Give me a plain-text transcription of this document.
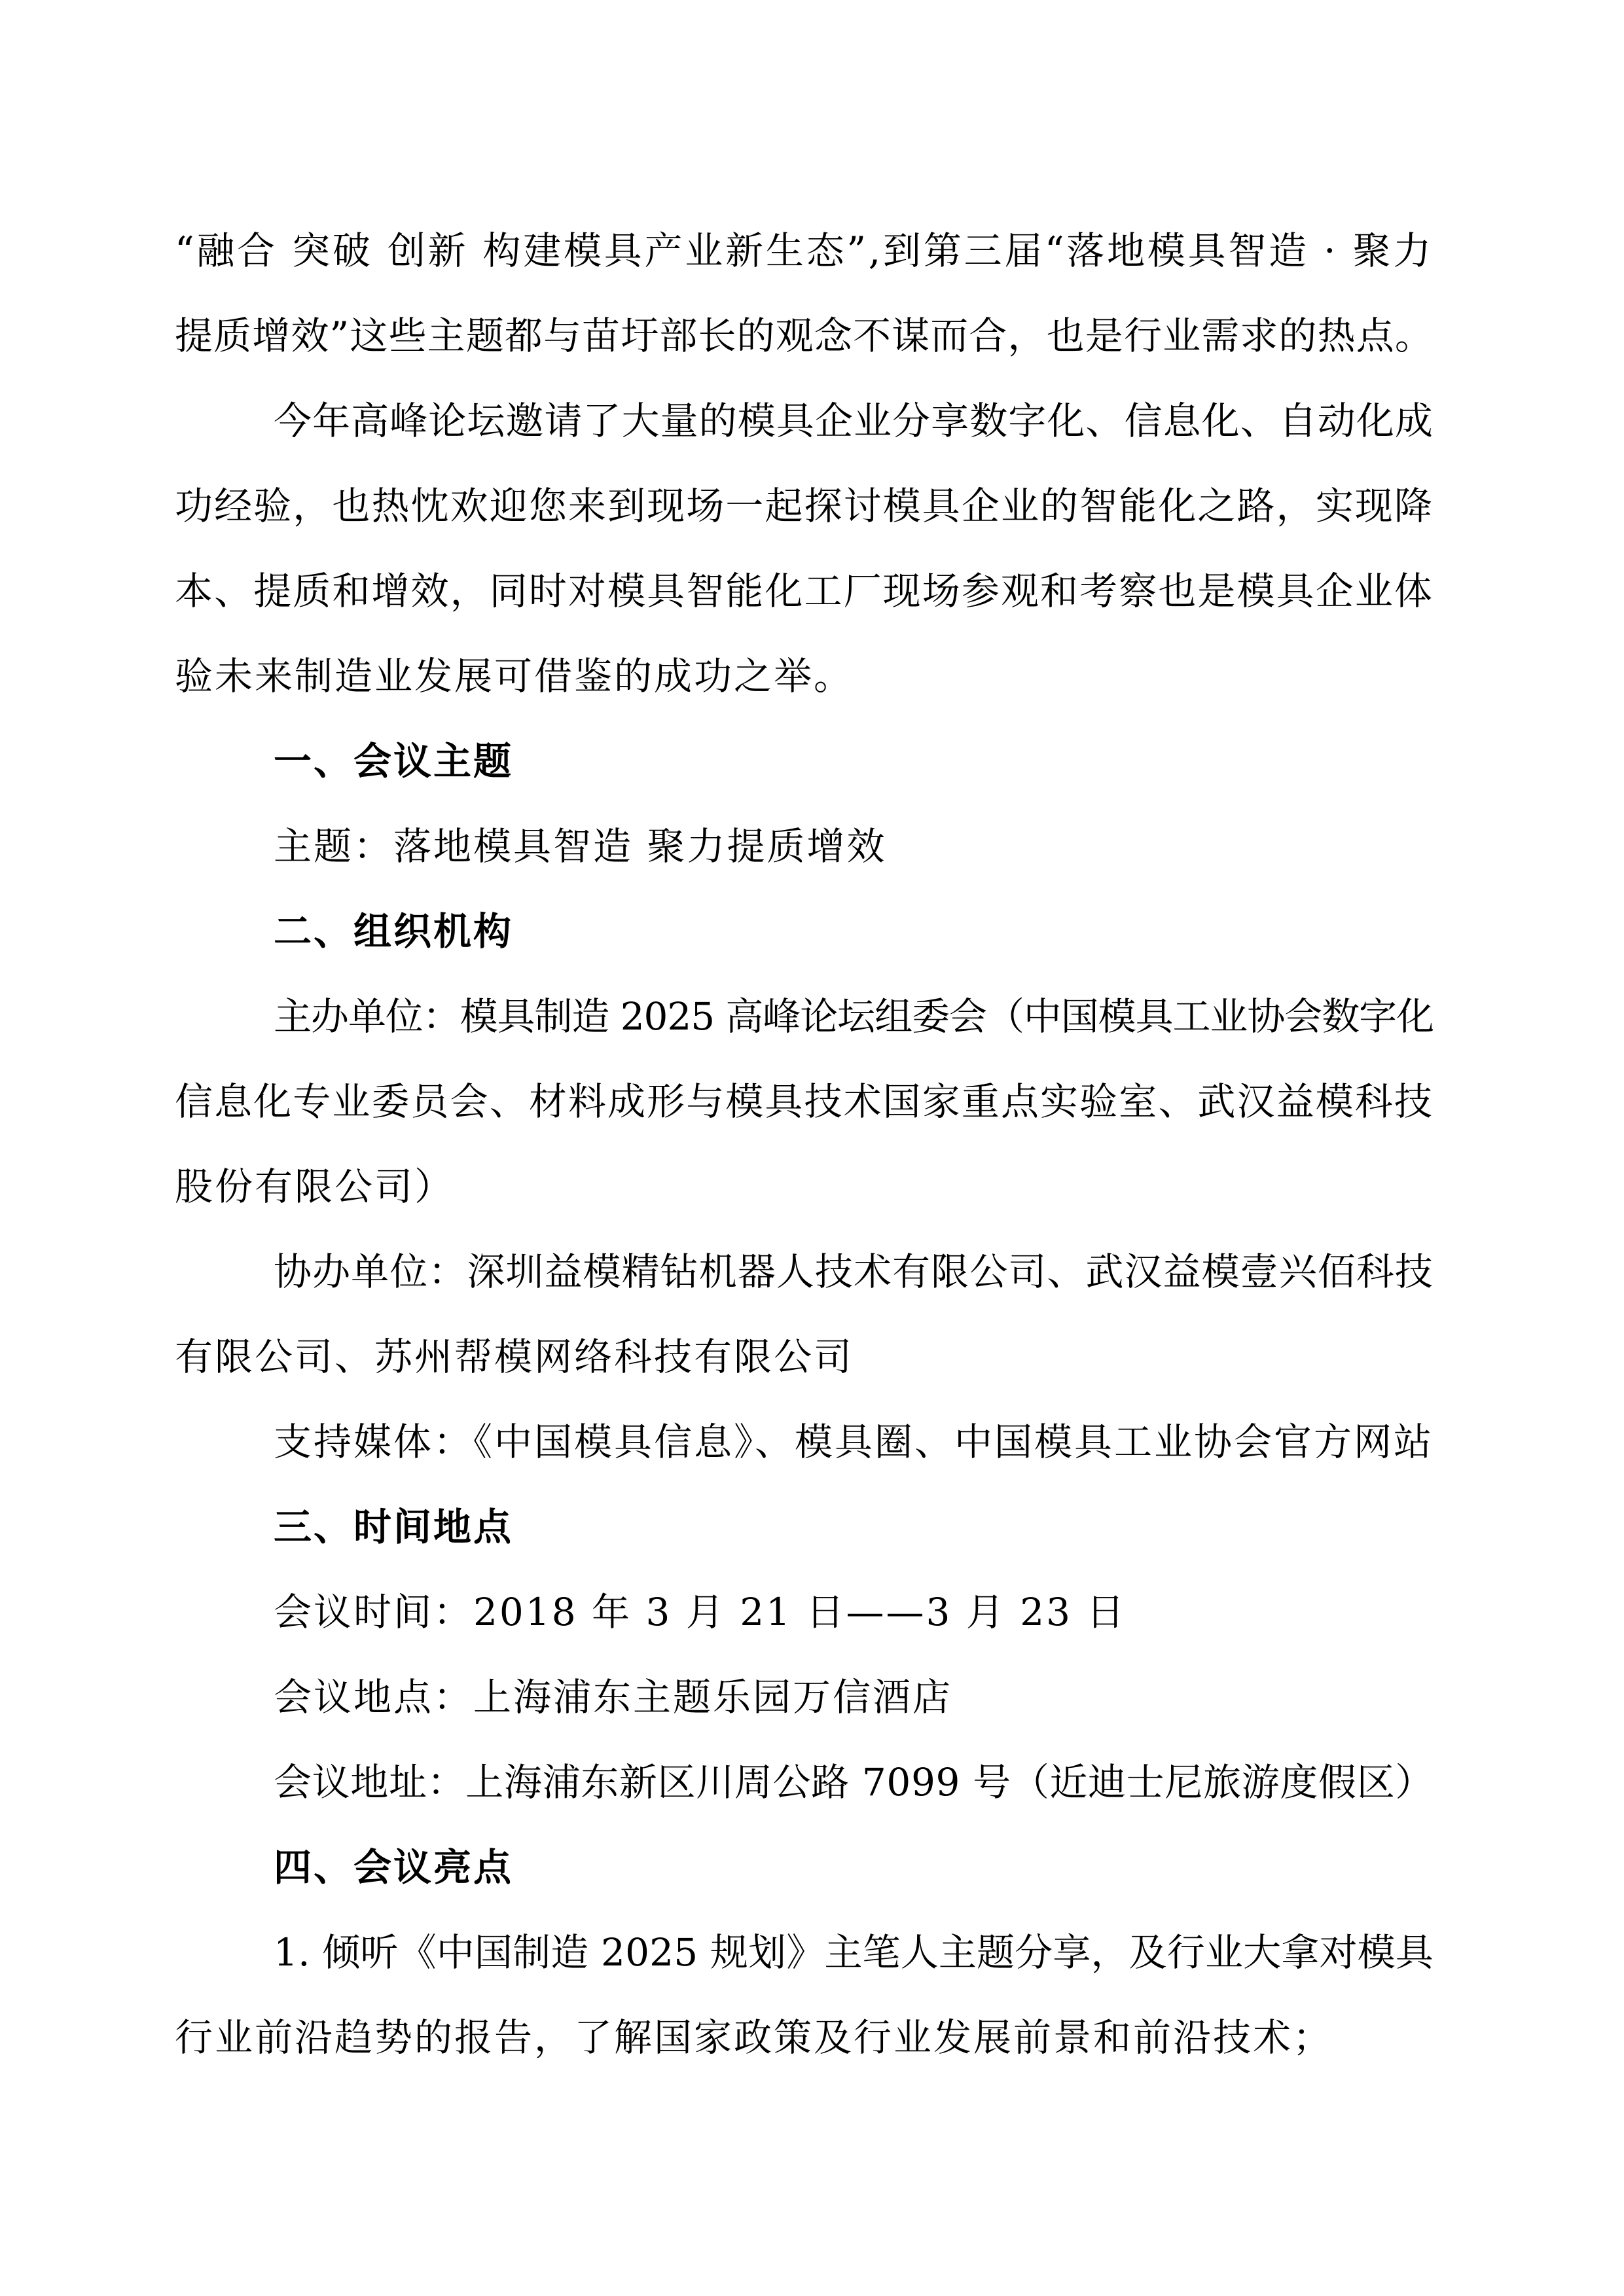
“融合 突破 创新 构建模具产业新生态”,到第三届“落地模具智造 · 聚力
提质增效”这些主题都与苗圩部长的观念不谋而合，也是行业需求的热点。
今年高峰论坛邀请了大量的模具企业分享数字化、信息化、自动化成
功经验，也热忱欢迎您来到现场一起探讨模具企业的智能化之路，实现降
本、提质和增效，同时对模具智能化工厂现场参观和考察也是模具企业体
验未来制造业发展可借鉴的成功之举。
一、会议主题
主题：落地模具智造 聚力提质增效
二、组织机构
主办单位：模具制造 2025 高峰论坛组委会（中国模具工业协会数字化
信息化专业委员会、材料成形与模具技术国家重点实验室、武汉益模科技
股份有限公司）
协办单位：深圳益模精钻机器人技术有限公司、武汉益模壹兴佰科技
有限公司、苏州帮模网络科技有限公司
支持媒体：《中国模具信息》、模具圈、中国模具工业协会官方网站
三、时间地点
会议时间：2018 年 3 月 21 日——3 月 23 日
会议地点：上海浦东主题乐园万信酒店
会议地址：上海浦东新区川周公路 7099 号（近迪士尼旅游度假区）
四、会议亮点
1. 倾听《中国制造 2025 规划》主笔人主题分享，及行业大拿对模具
行业前沿趋势的报告，了解国家政策及行业发展前景和前沿技术；
